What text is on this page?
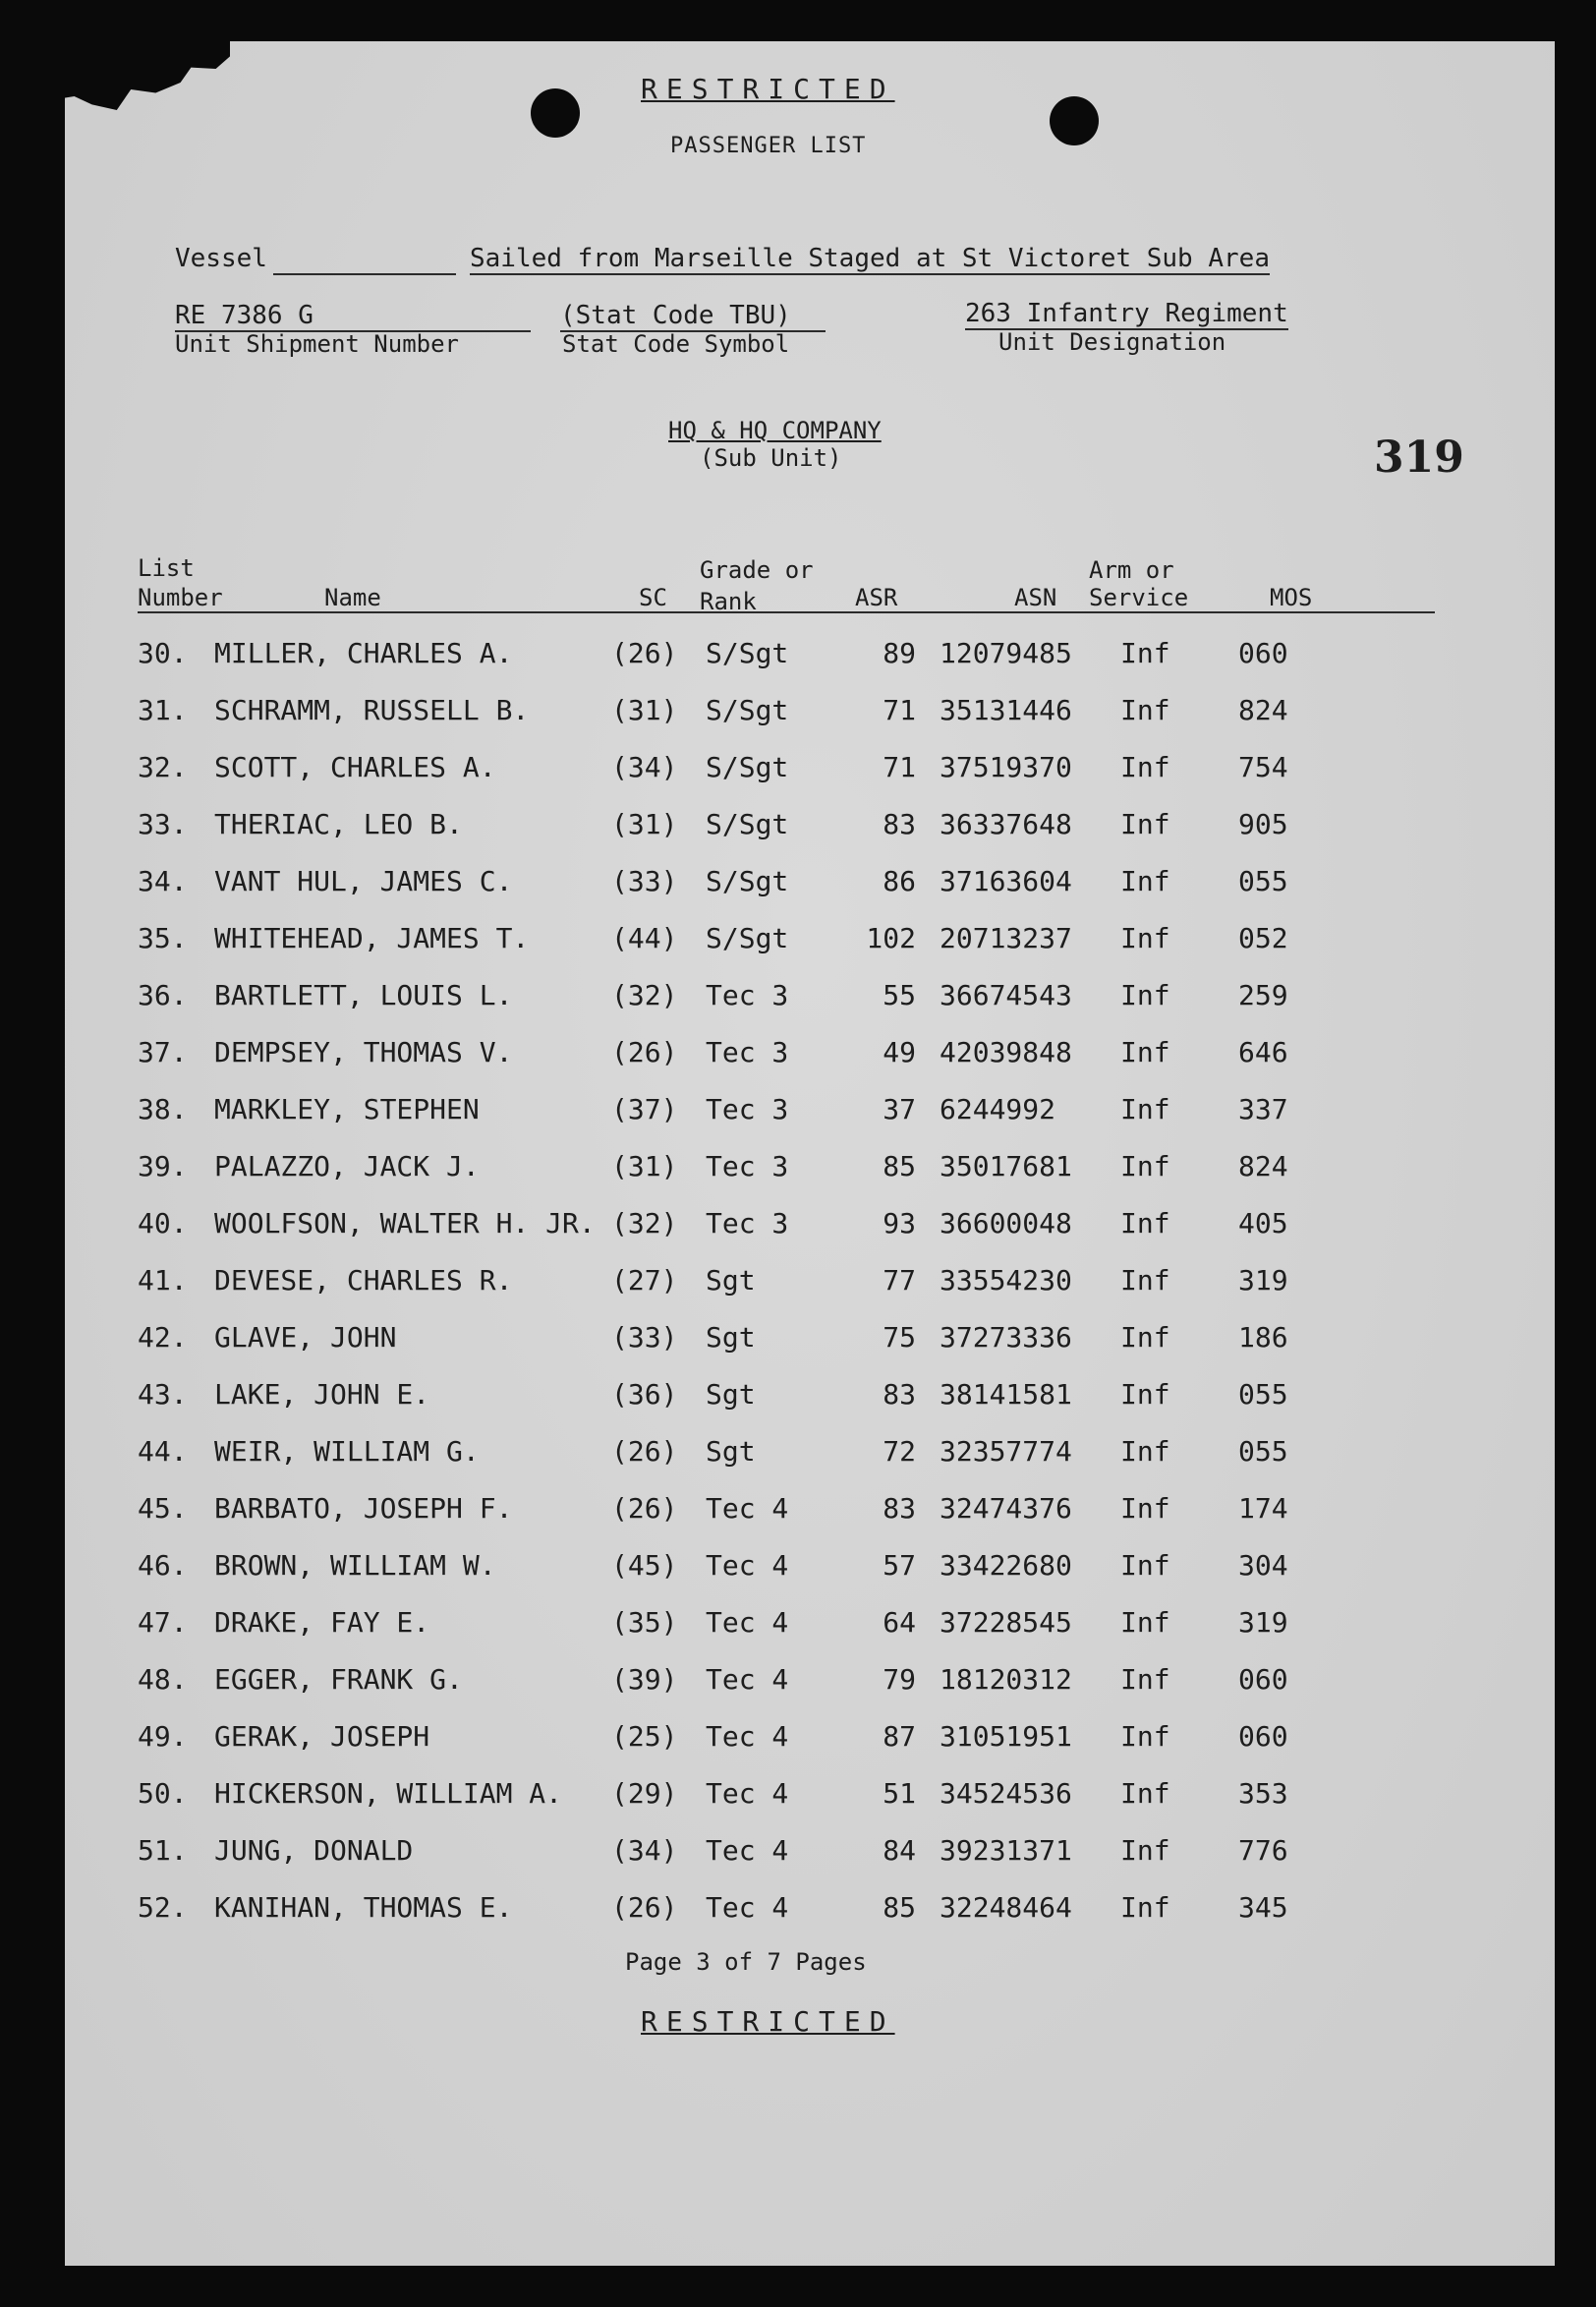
RESTRICTED
PASSENGER LIST
Vessel	Sailed from Marseille Staged at St Victoret Sub Area
RE 7386 G
Unit Shipment Number
(Stat Code TBU)
Stat Code Symbol
263 Infantry Regiment
Unit Designation
HQ & HQ COMPANY
(Sub Unit)	319
List
Number	Name	SC
Grade or
Rank	ASR	ASN
Arm or
Service	MOS
30. MILLER, CHARLES A.	(26) S/Sgt	89 12079485 Inf 060
31. SCHRAMM, RUSSELL B.	(31) S/Sgt	71 35131446 Inf 824
32. SCOTT, CHARLES A.	(34) S/Sgt	71 37519370 Inf 754
33. THERIAC, LEO B.	(31) S/Sgt	83 36337648 Inf 905
34. VANT HUL, JAMES C.	(33) S/Sgt	86 37163604 Inf 055
35. WHITEHEAD, JAMES T.	(44) S/Sgt	102 20713237 Inf 052
36. BARTLETT, LOUIS L.	(32) Tec 3	55 36674543 Inf 259
37. DEMPSEY, THOMAS V.	(26) Tec 3	49 42039848 Inf 646
38. MARKLEY, STEPHEN	(37) Tec 3	37 6244992 Inf 337
39. PALAZZO, JACK J.	(31) Tec 3	85 35017681 Inf 824
40. WOOLFSON, WALTER H. JR. (32) Tec 3	93 36600048 Inf 405
41. DEVESE, CHARLES R.	(27) Sgt	77 33554230 Inf 319
42. GLAVE, JOHN	(33) Sgt	75 37273336 Inf 186
43. LAKE, JOHN E.	(36) Sgt	83 38141581 Inf 055
44. WEIR, WILLIAM G.	(26) Sgt	72 32357774 Inf 055
45. BARBATO, JOSEPH F.	(26) Tec 4	83 32474376 Inf 174
46. BROWN, WILLIAM W.	(45) Tec 4	57 33422680 Inf 304
47. DRAKE, FAY E.	(35) Tec 4	64 37228545 Inf 319
48. EGGER, FRANK G.	(39) Tec 4	79 18120312 Inf 060
49. GERAK, JOSEPH	(25) Tec 4	87 31051951 Inf 060
50. HICKERSON, WILLIAM A. (29) Tec 4	51 34524536 Inf 353
51. JUNG, DONALD	(34) Tec 4	84 39231371 Inf 776
52. KANIHAN, THOMAS E.	(26) Tec 4	85 32248464 Inf 345
Page 3 of 7 Pages
RESTRICTED
